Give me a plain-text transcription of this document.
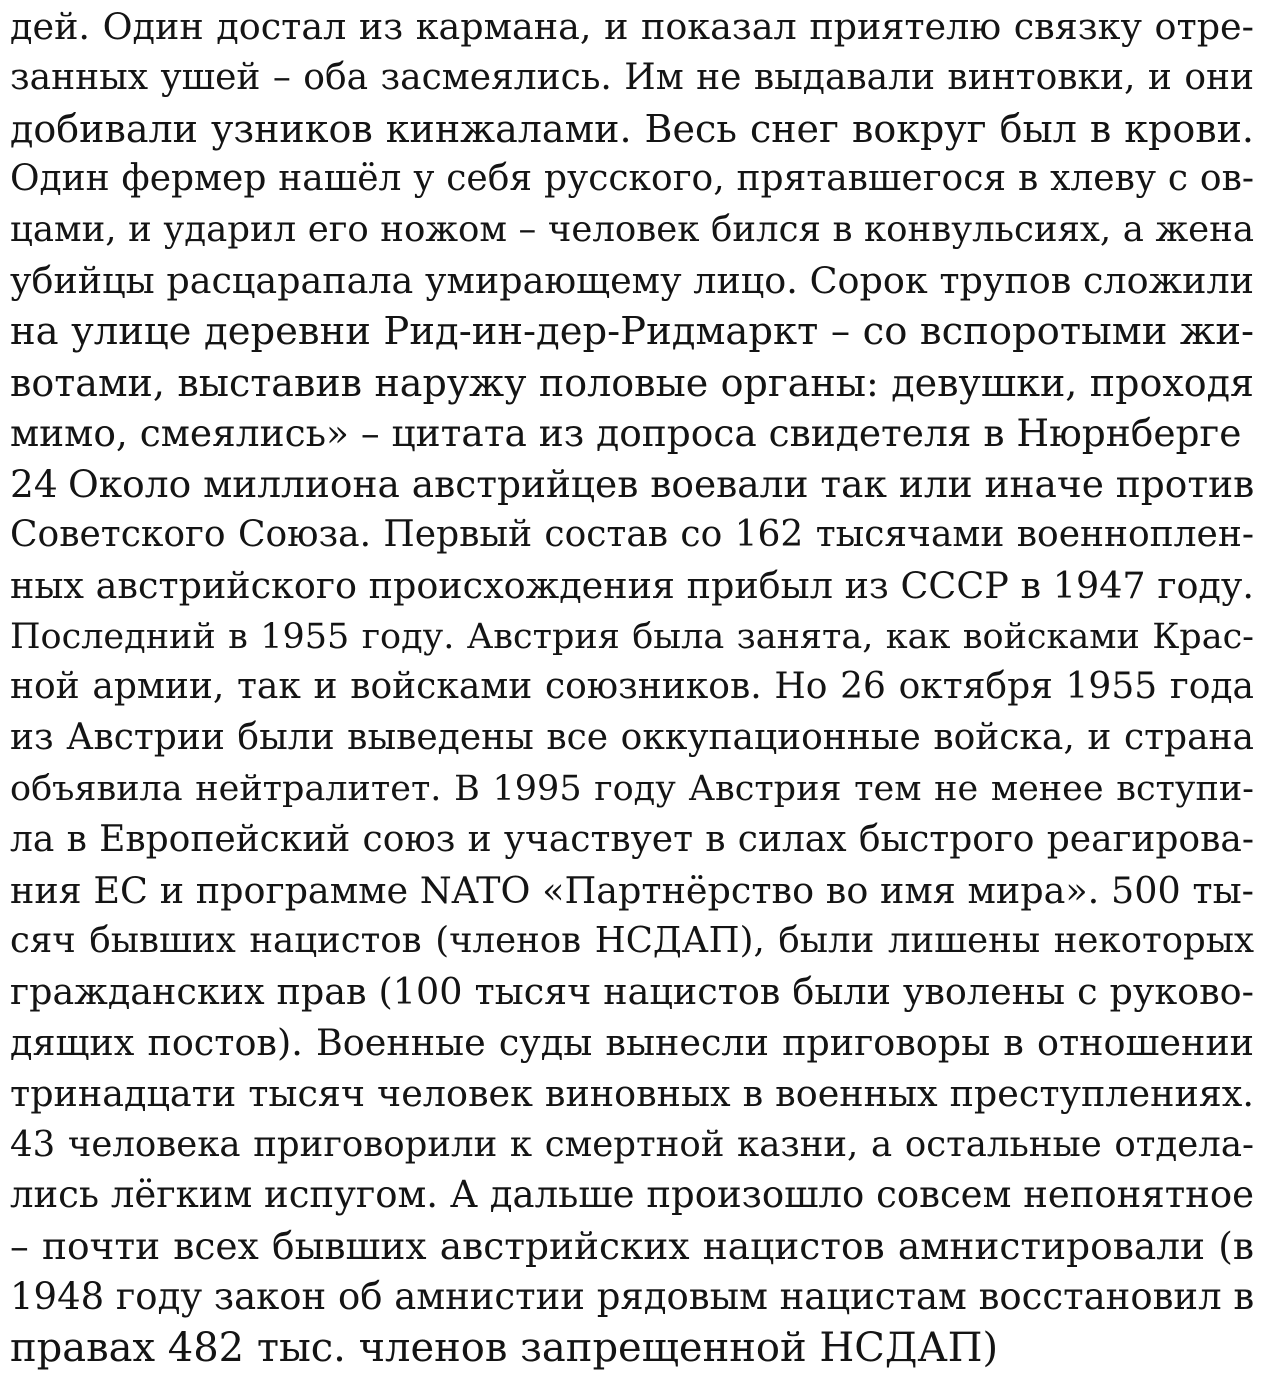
дей. Один достал из кармана, и показал приятелю связку отре-
занных ушей – оба засмеялись. Им не выдавали винтовки, и они
добивали узников кинжалами. Весь снег вокруг был в крови.
Один фермер нашёл у себя русского, прятавшегося в хлеву с ов-
цами, и ударил его ножом – человек бился в конвульсиях, а жена
убийцы расцарапала умирающему лицо. Сорок трупов сложили
на улице деревни Рид-ин-дер-Ридмаркт – со вспоротыми жи-
вотами, выставив наружу половые органы: девушки, проходя
мимо, смеялись» – цитата из допроса свидетеля в Нюрнберге
24 Около миллиона австрийцев воевали так или иначе против
Советского Союза. Первый состав со 162 тысячами военноплен-
ных австрийского происхождения прибыл из СССР в 1947 году.
Последний в 1955 году. Австрия была занята, как войсками Крас-
ной армии, так и войсками союзников. Но 26 октября 1955 года
из Австрии были выведены все оккупационные войска, и страна
объявила нейтралитет. В 1995 году Австрия тем не менее вступи-
ла в Европейский союз и участвует в силах быстрого реагирова-
ния ЕС и программе NATO «Партнёрство во имя мира». 500 ты-
сяч бывших нацистов (членов НСДАП), были лишены некоторых
гражданских прав (100 тысяч нацистов были уволены с руково-
дящих постов). Военные суды вынесли приговоры в отношении
тринадцати тысяч человек виновных в военных преступлениях.
43 человека приговорили к смертной казни, а остальные отдела-
лись лёгким испугом. А дальше произошло совсем непонятное
– почти всех бывших австрийских нацистов амнистировали (в
1948 году закон об амнистии рядовым нацистам восстановил в
правах 482 тыс. членов запрещенной НСДАП)
